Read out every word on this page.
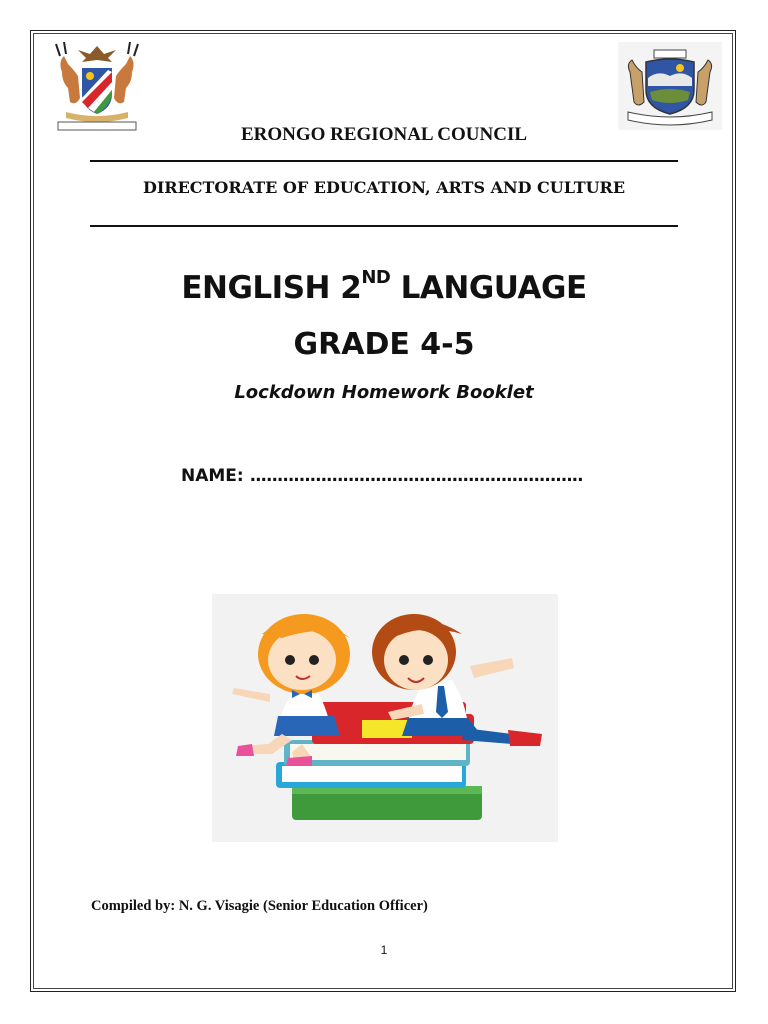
ERONGO REGIONAL COUNCIL
DIRECTORATE OF EDUCATION, ARTS AND CULTURE
ENGLISH 2ND LANGUAGE
GRADE 4-5
Lockdown Homework Booklet
NAME: .............................................................
Compiled by: N. G. Visagie (Senior Education Officer)
1
